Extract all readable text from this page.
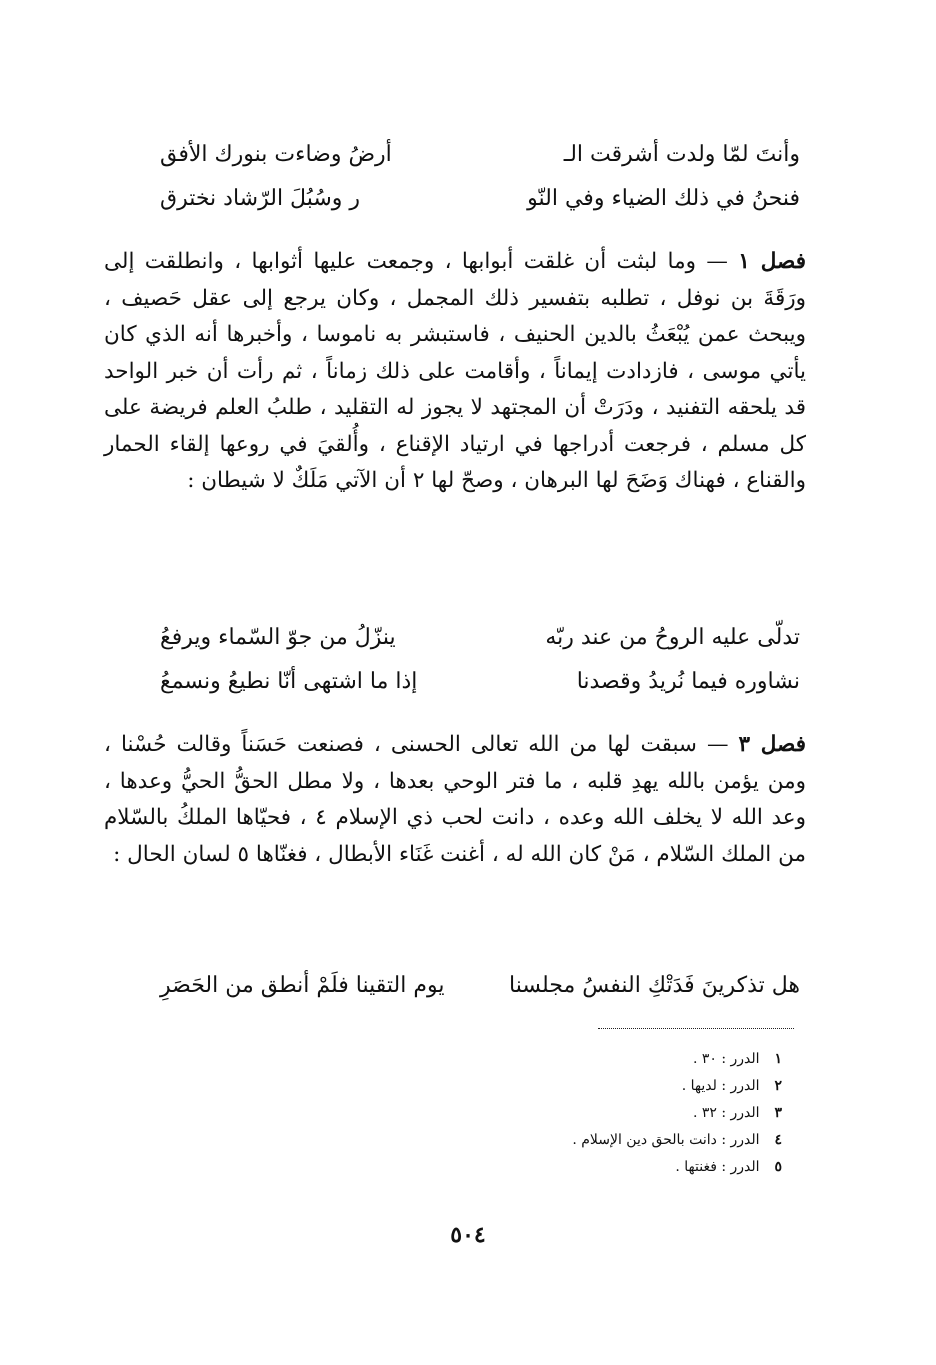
وأنتَ لمّا ولدت أشرقت الـ
أرضُ وضاءت بنورك الأفق
فنحنُ في ذلك الضياء وفي النّو
ر وسُبُلَ الرّشاد نخترق

فصل ١ — وما لبثت أن غلقت أبوابها ، وجمعت عليها أثوابها ، وانطلقت إلى ورَقَةَ بن نوفل ، تطلبه بتفسير ذلك المجمل ، وكان يرجع إلى عقل حَصيف ، ويبحث عمن يُبْعَثُ بالدين الحنيف ، فاستبشر به ناموسا ، وأخبرها أنه الذي كان يأتي موسى ، فازدادت إيماناً ، وأقامت على ذلك زماناً ، ثم رأت أن خبر الواحد قد يلحقه التفنيد ، ودَرَتْ أن المجتهد لا يجوز له التقليد ، طلبُ العلم فريضة على كل مسلم ، فرجعت أدراجها في ارتياد الإقناع ، وأُلقيَ في روعها إلقاء الحمار والقناع ، فهناك وَضَحَ لها البرهان ، وصحّ لها ٢ أن الآتي مَلَكٌ لا شيطان :

تدلّى عليه الروحُ من عند ربّه
ينزّلُ من جوّ السّماء ويرفعُ
نشاوره فيما نُريدُ وقصدنا
إذا ما اشتهى أنّا نطيعُ ونسمعُ

فصل ٣ — سبقت لها من الله تعالى الحسنى ، فصنعت حَسَناً وقالت حُسْنا ، ومن يؤمن بالله يهدِ قلبه ، ما فتر الوحي بعدها ، ولا مطل الحقُّ الحيُّ وعدها ، وعد الله لا يخلف الله وعده ، دانت لحب ذي الإسلام ٤ ، فحيّاها الملكُ بالسّلام من الملك السّلام ، مَنْ كان الله له ، أغنت غَنَاء الأبطال ، فغنّاها ٥ لسان الحال :

هل تذكرينَ فَدَتْكِ النفسُ مجلسنا
يوم التقينا فلَمْ أنطق من الحَصَرِ
١ الدرر : ٣٠ .
٢ الدرر : لديها .
٣ الدرر : ٣٢ .
٤ الدرر : دانت بالحق دين الإسلام .
٥ الدرر : فغنتها .
٥٠٤
